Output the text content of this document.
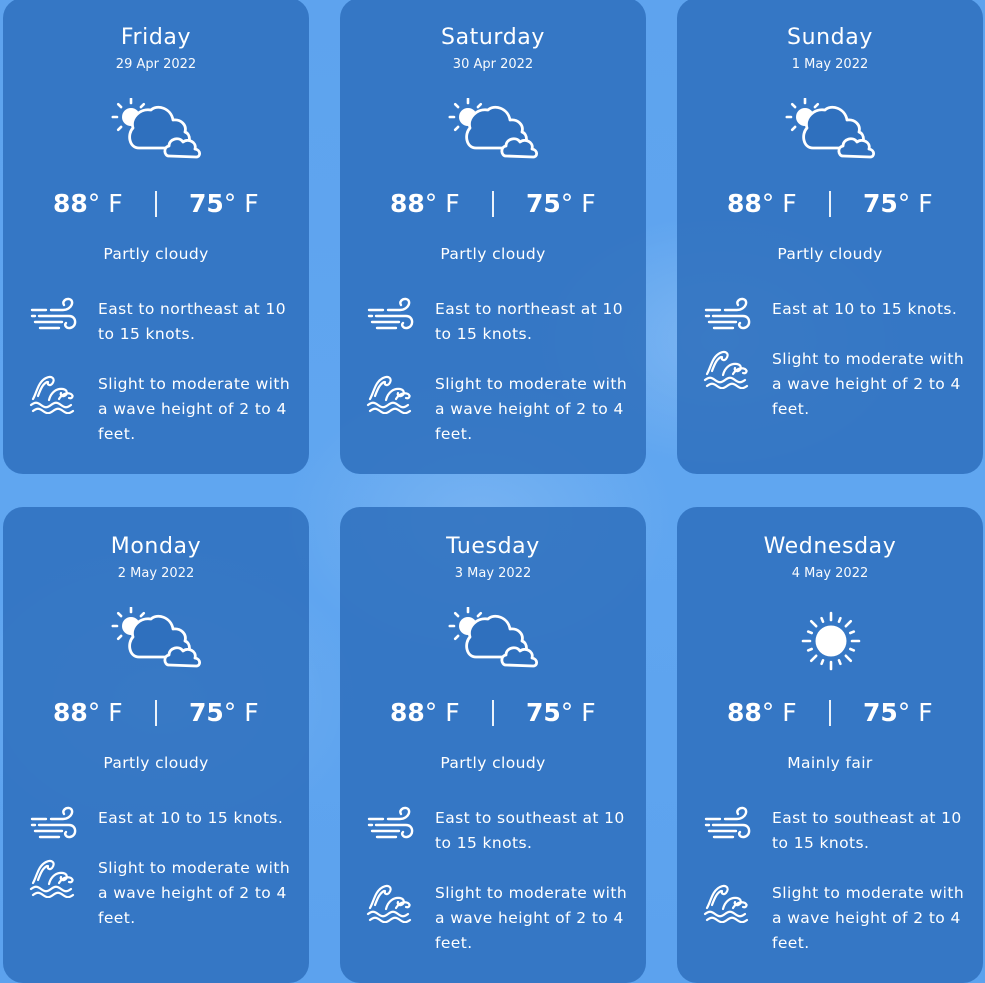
Friday
29 Apr 2022
88° F	75° F
Partly cloudy
East to northeast at 10 to 15 knots.
Slight to moderate with a wave height of 2 to 4 feet.
Saturday
30 Apr 2022
88° F	75° F
Partly cloudy
East to northeast at 10 to 15 knots.
Slight to moderate with a wave height of 2 to 4 feet.
Sunday
1 May 2022
88° F	75° F
Partly cloudy
East at 10 to 15 knots.
Slight to moderate with a wave height of 2 to 4 feet.
Monday
2 May 2022
88° F	75° F
Partly cloudy
East at 10 to 15 knots.
Slight to moderate with a wave height of 2 to 4 feet.
Tuesday
3 May 2022
88° F	75° F
Partly cloudy
East to southeast at 10 to 15 knots.
Slight to moderate with a wave height of 2 to 4 feet.
Wednesday
4 May 2022
88° F	75° F
Mainly fair
East to southeast at 10 to 15 knots.
Slight to moderate with a wave height of 2 to 4 feet.
